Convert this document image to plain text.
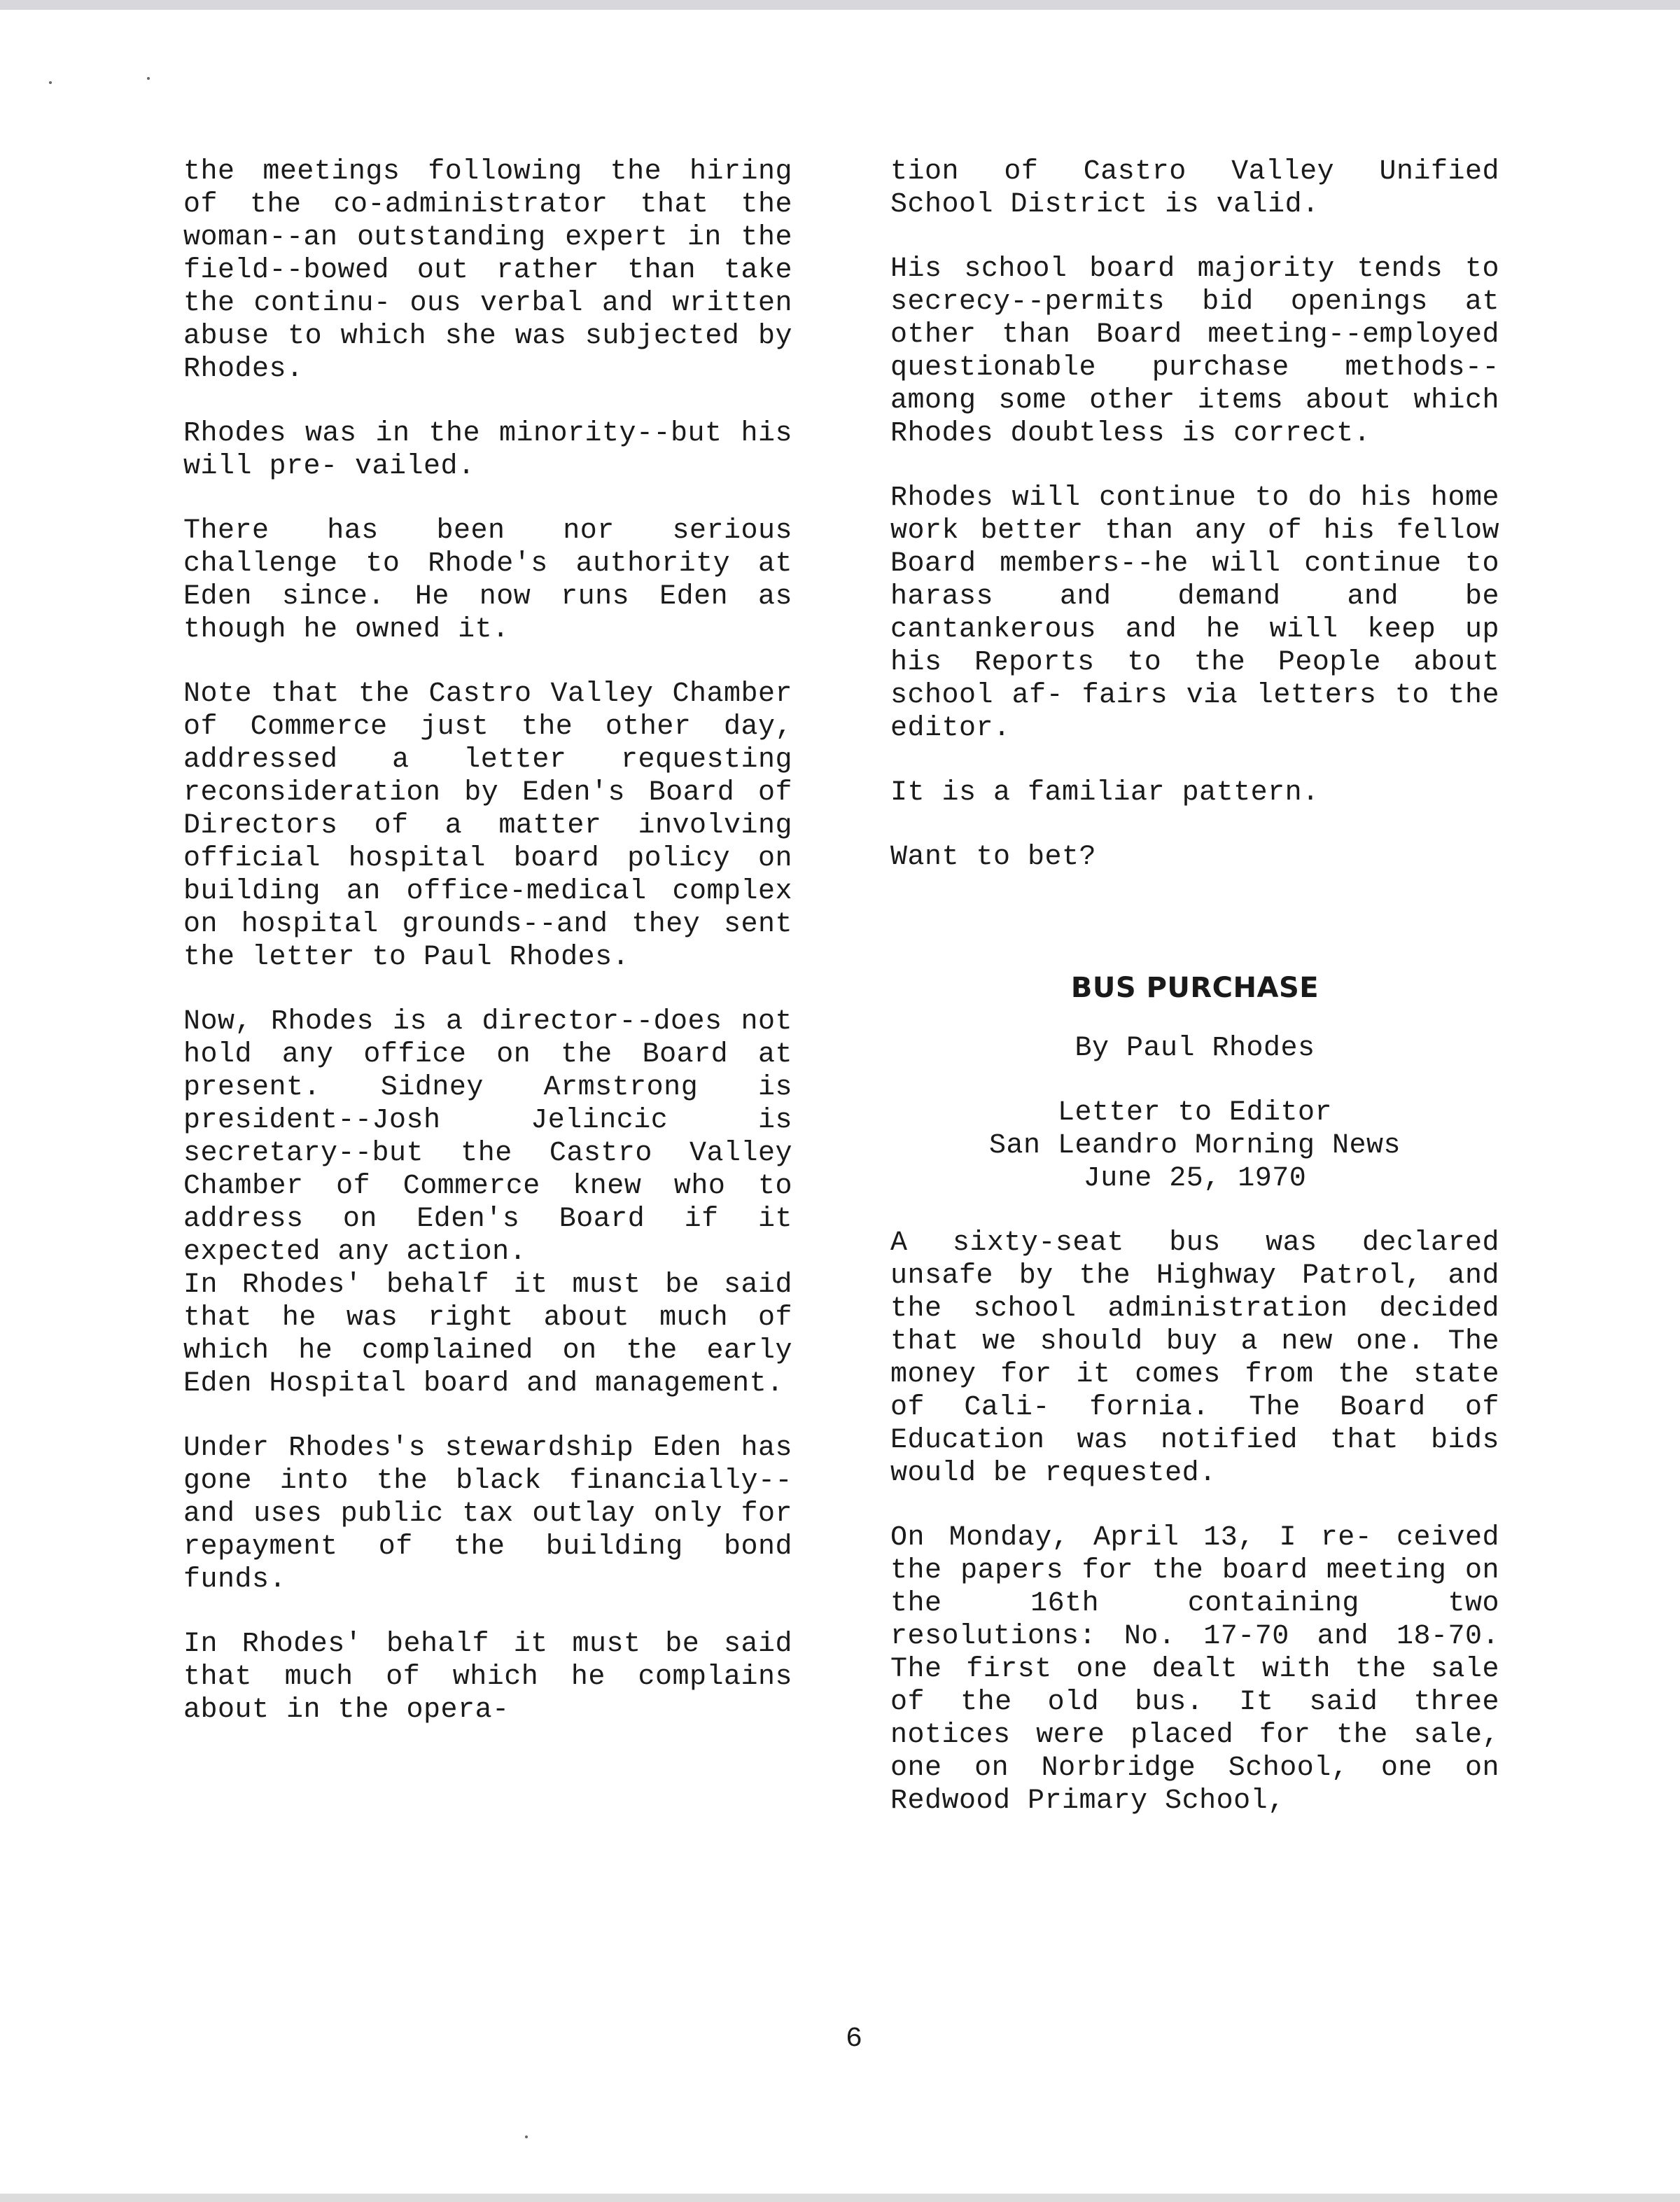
the meetings following the hiring of the co-administrator that the woman--an outstanding expert in the field--bowed out rather than take the continu- ous verbal and written abuse to which she was subjected by Rhodes.

Rhodes was in the minority--but his will pre- vailed.

There has been nor serious challenge to Rhode's authority at Eden since. He now runs Eden as though he owned it.

Note that the Castro Valley Chamber of Commerce just the other day, addressed a letter requesting reconsideration by Eden's Board of Directors of a matter involving official hospital board policy on building an office-medical complex on hospital grounds--and they sent the letter to Paul Rhodes.

Now, Rhodes is a director--does not hold any office on the Board at present. Sidney Armstrong is president--Josh Jelincic is secretary--but the Castro Valley Chamber of Commerce knew who to address on Eden's Board if it expected any action.

In Rhodes' behalf it must be said that he was right about much of which he complained on the early Eden Hospital board and management.

Under Rhodes's stewardship Eden has gone into the black financially--and uses public tax outlay only for repayment of the building bond funds.

In Rhodes' behalf it must be said that much of which he complains about in the opera-

tion of Castro Valley Unified School District is valid.

His school board majority tends to secrecy--permits bid openings at other than Board meeting--employed questionable purchase methods--among some other items about which Rhodes doubtless is correct.

Rhodes will continue to do his home work better than any of his fellow Board members--he will continue to harass and demand and be cantankerous and he will keep up his Reports to the People about school af- fairs via letters to the editor.

It is a familiar pattern.

Want to bet?

BUS PURCHASE
By Paul Rhodes
Letter to Editor
San Leandro Morning News
June 25, 1970

A sixty-seat bus was declared unsafe by the Highway Patrol, and the school administration decided that we should buy a new one. The money for it comes from the state of Cali- fornia. The Board of Education was notified that bids would be requested.

On Monday, April 13, I re- ceived the papers for the board meeting on the 16th containing two resolutions: No. 17-70 and 18-70. The first one dealt with the sale of the old bus. It said three notices were placed for the sale, one on Norbridge School, one on Redwood Primary School,

6
